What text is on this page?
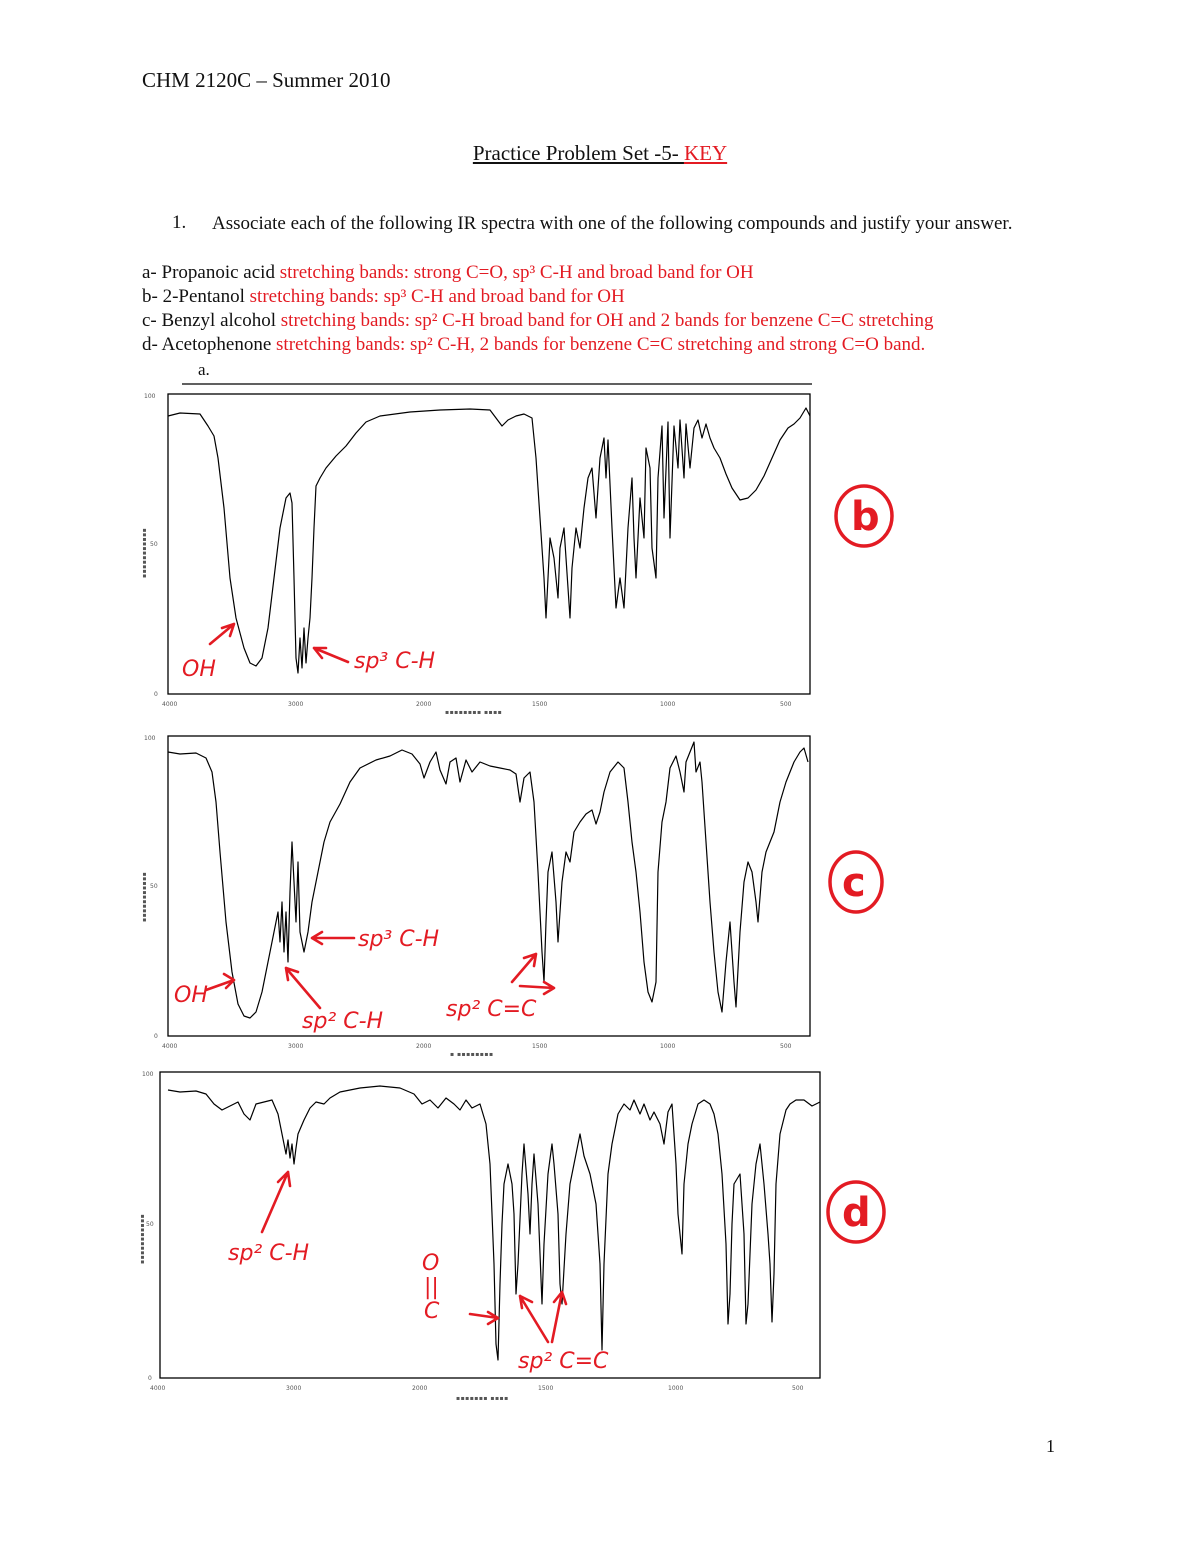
CHM 2120C – Summer 2010
Practice Problem Set -5- KEY
1. Associate each of the following IR spectra with one of the following compounds and justify your answer.
a- Propanoic acid stretching bands: strong C=O, sp³ C-H and broad band for OH
b- 2-Pentanol stretching bands: sp³ C-H and broad band for OH
c- Benzyl alcohol stretching bands: sp² C-H broad band for OH and 2 bands for benzene C=C stretching
d- Acetophenone stretching bands: sp² C-H, 2 bands for benzene C=C stretching and strong C=O band.
a.
100
50
0
4000	3000	2000	1500	1000	500
▪▪▪▪▪▪▪▪ ▪▪▪▪
▪▪▪▪▪▪▪▪▪▪▪
OH	sp³ C-H
b
100
50
0
4000	3000	2000	1500	1000	500
▪ ▪▪▪▪▪▪▪▪
▪▪▪▪▪▪▪▪▪▪▪
OH
sp³ C-H
sp² C-H	sp² C=C
c
100
50
0
4000	3000	2000	1500	1000	500
▪▪▪▪▪▪▪ ▪▪▪▪
▪▪▪▪▪▪▪▪▪▪▪	sp² C-H	O
||
C
sp² C=C
d
1
